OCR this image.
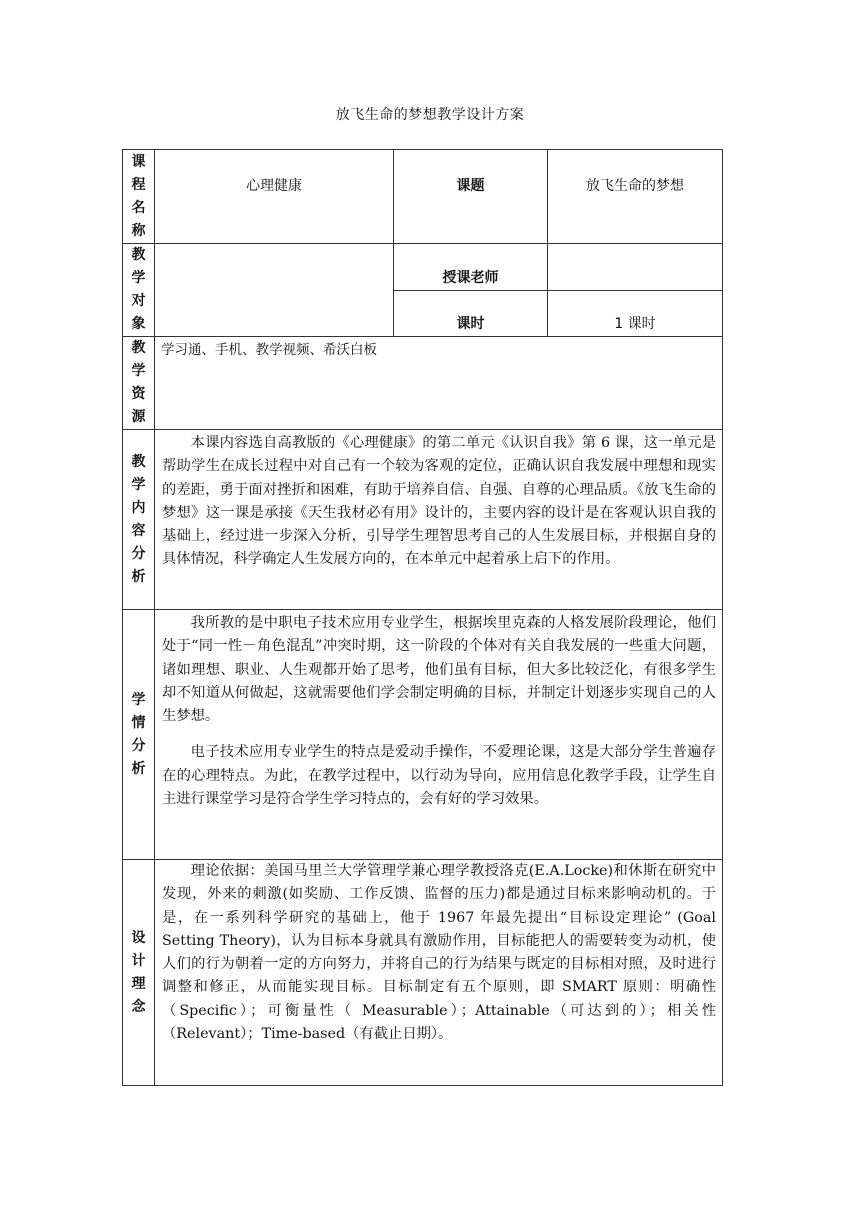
放飞生命的梦想教学设计方案
课程名称	心理健康	课题	放飞生命的梦想
教学对象		授课老师	
		课时	1 课时
教学资源	学习通、手机、教学视频、希沃白板		

教学内容分析	本课内容选自高教版的《心理健康》的第二单元《认识自我》第 6 课，这一单元是帮助学生在成长过程中对自己有一个较为客观的定位，正确认识自我发展中理想和现实的差距，勇于面对挫折和困难，有助于培养自信、自强、自尊的心理品质。《放飞生命的梦想》这一课是承接《天生我材必有用》设计的，主要内容的设计是在客观认识自我的基础上，经过进一步深入分析，引导学生理智思考自己的人生发展目标，并根据自身的具体情况，科学确定人生发展方向的，在本单元中起着承上启下的作用。		

学情分析	我所教的是中职电子技术应用专业学生，根据埃里克森的人格发展阶段理论，他们处于“同一性－角色混乱”冲突时期，这一阶段的个体对有关自我发展的一些重大问题，诸如理想、职业、人生观都开始了思考，他们虽有目标，但大多比较泛化，有很多学生却不知道从何做起，这就需要他们学会制定明确的目标，并制定计划逐步实现自己的人生梦想。

电子技术应用专业学生的特点是爱动手操作，不爱理论课，这是大部分学生普遍存在的心理特点。为此，在教学过程中，以行动为导向，应用信息化教学手段，让学生自主进行课堂学习是符合学生学习特点的，会有好的学习效果。		

设计理念	理论依据：美国马里兰大学管理学兼心理学教授洛克(E.A.Locke)和休斯在研究中发现，外来的刺激(如奖励、工作反馈、监督的压力)都是通过目标来影响动机的。于是，在一系列科学研究的基础上，他于 1967 年最先提出“目标设定理论” (Goal Setting Theory)，认为目标本身就具有激励作用，目标能把人的需要转变为动机，使人们的行为朝着一定的方向努力，并将自己的行为结果与既定的目标相对照，及时进行调整和修正，从而能实现目标。目标制定有五个原则，即 SMART 原则：明确性（Specific）；可衡量性（ Measurable）；Attainable（可达到的）；相关性（Relevant）；Time-based（有截止日期）。		
